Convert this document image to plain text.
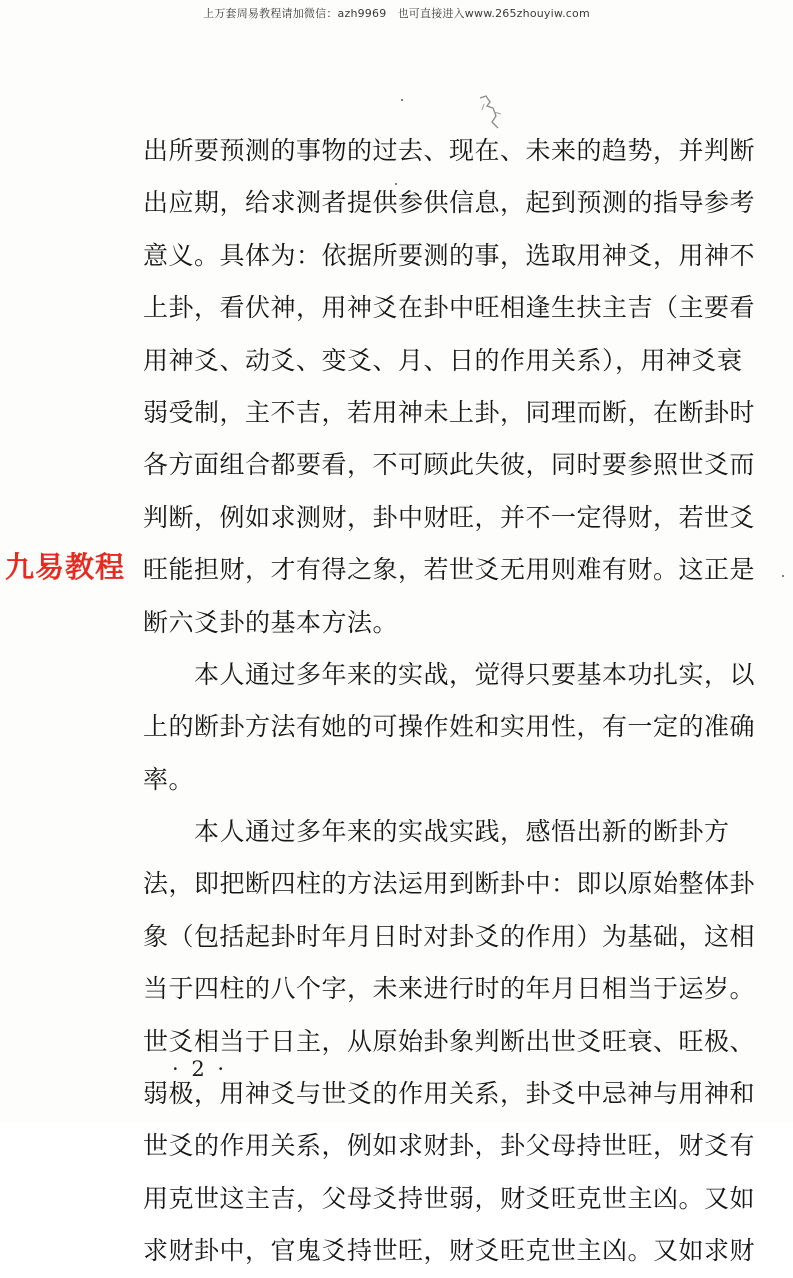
上万套周易教程请加微信：azh9969　也可直接进入www.265zhouyiw.com
九易教程
出所要预测的事物的过去、现在、未来的趋势，并判断
出应期，给求测者提供参供信息，起到预测的指导参考
意义。具体为：依据所要测的事，选取用神爻，用神不
上卦，看伏神，用神爻在卦中旺相逢生扶主吉（主要看
用神爻、动爻、变爻、月、日的作用关系），用神爻衰
弱受制，主不吉，若用神未上卦，同理而断，在断卦时
各方面组合都要看，不可顾此失彼，同时要参照世爻而
判断，例如求测财，卦中财旺，并不一定得财，若世爻
旺能担财，才有得之象，若世爻无用则难有财。这正是
断六爻卦的基本方法。
　　本人通过多年来的实战，觉得只要基本功扎实，以
上的断卦方法有她的可操作姓和实用性，有一定的准确
率。
　　本人通过多年来的实战实践，感悟出新的断卦方
法，即把断四柱的方法运用到断卦中：即以原始整体卦
象（包括起卦时年月日时对卦爻的作用）为基础，这相
当于四柱的八个字，未来进行时的年月日相当于运岁。
世爻相当于日主，从原始卦象判断出世爻旺衰、旺极、
弱极，用神爻与世爻的作用关系，卦爻中忌神与用神和
世爻的作用关系，例如求财卦，卦父母持世旺，财爻有
用克世这主吉，父母爻持世弱，财爻旺克世主凶。又如
求财卦中，官鬼爻持世旺，财爻旺克世主凶。又如求财
· 2 ·
